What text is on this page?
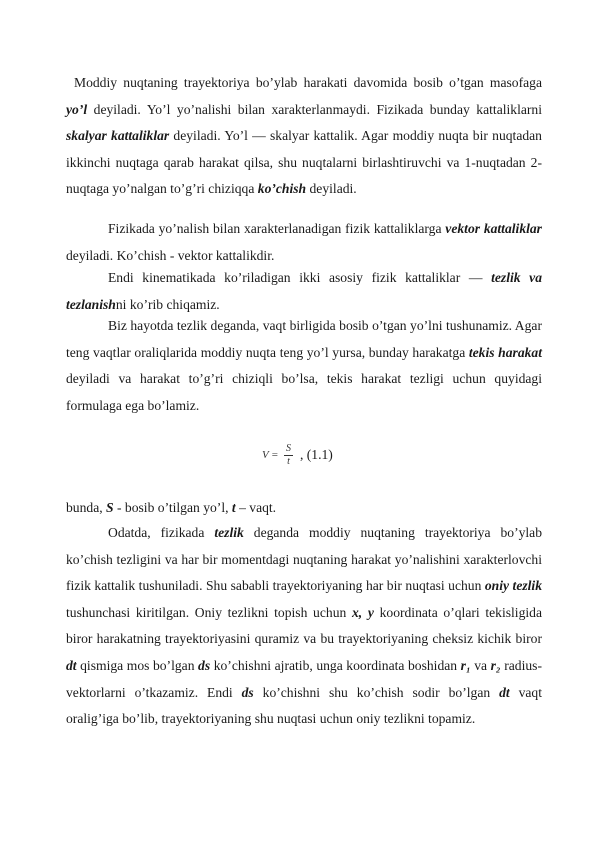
Moddiy nuqtaning trayektoriya bo’ylab harakati davomida bosib o’tgan masofaga yo’l deyiladi. Yo’l yo’nalishi bilan xarakterlanmaydi. Fizikada bunday kattaliklarni skalyar kattaliklar deyiladi. Yo’l — skalyar kattalik. Agar moddiy nuqta bir nuqtadan ikkinchi nuqtaga qarab harakat qilsa, shu nuqtalarni birlashtiruvchi va 1-nuqtadan 2-nuqtaga yo’nalgan to’g’ri chiziqqa ko’chish deyiladi.

Fizikada yo’nalish bilan xarakterlanadigan fizik kattaliklarga vektor kattaliklar deyiladi. Ko’chish - vektor kattalikdir.

Endi kinematikada ko’riladigan ikki asosiy fizik kattaliklar — tezlik va tezlanishni ko’rib chiqamiz.

Biz hayotda tezlik deganda, vaqt birligida bosib o’tgan yo’lni tushunamiz. Agar teng vaqtlar oraliqlarida moddiy nuqta teng yo’l yursa, bunday harakatga tekis harakat deyiladi va harakat to’g’ri chiziqli bo’lsa, tekis harakat tezligi uchun quyidagi formulaga ega bo’lamiz.

$V = \frac{S}{t}$ , (1.1)

bunda, S - bosib o’tilgan yo’l, t – vaqt.

Odatda, fizikada tezlik deganda moddiy nuqtaning trayektoriya bo’ylab ko’chish tezligini va har bir momentdagi nuqtaning harakat yo’nalishini xarakterlovchi fizik kattalik tushuniladi. Shu sababli trayektoriyaning har bir nuqtasi uchun oniy tezlik tushunchasi kiritilgan. Oniy tezlikni topish uchun x, y koordinata o’qlari tekisligida biror harakatning trayektoriyasini quramiz va bu trayektoriyaning cheksiz kichik biror dt qismiga mos bo’lgan ds ko’chishni ajratib, unga koordinata boshidan r₁ va r₂ radius-vektorlarni o’tkazamiz. Endi ds ko’chishni shu ko’chish sodir bo’lgan dt vaqt oralig’iga bo’lib, trayektoriyaning shu nuqtasi uchun oniy tezlikni topamiz.
